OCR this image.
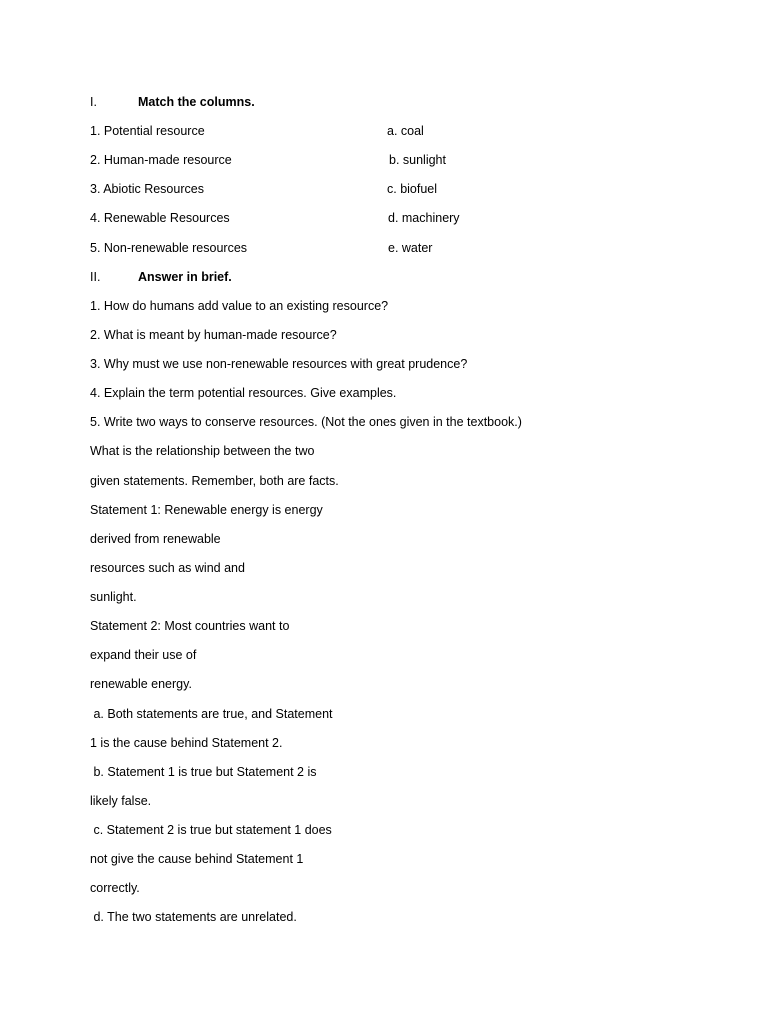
I.	Match the columns.
1. Potential resource	a. coal
2. Human-made resource	b. sunlight
3. Abiotic Resources	c. biofuel
4. Renewable Resources	d. machinery
5. Non-renewable resources	e. water
II.	Answer in brief.
1. How do humans add value to an existing resource?
2. What is meant by human-made resource?
3. Why must we use non-renewable resources with great prudence?
4. Explain the term potential resources. Give examples.
5. Write two ways to conserve resources. (Not the ones given in the textbook.)
What is the relationship between the two
given statements. Remember, both are facts.
Statement 1: Renewable energy is energy
derived from renewable
resources such as wind and
sunlight.
Statement 2: Most countries want to
expand their use of
renewable energy.
a. Both statements are true, and Statement
1 is the cause behind Statement 2.
b. Statement 1 is true but Statement 2 is
likely false.
c. Statement 2 is true but statement 1 does
not give the cause behind Statement 1
correctly.
d. The two statements are unrelated.
